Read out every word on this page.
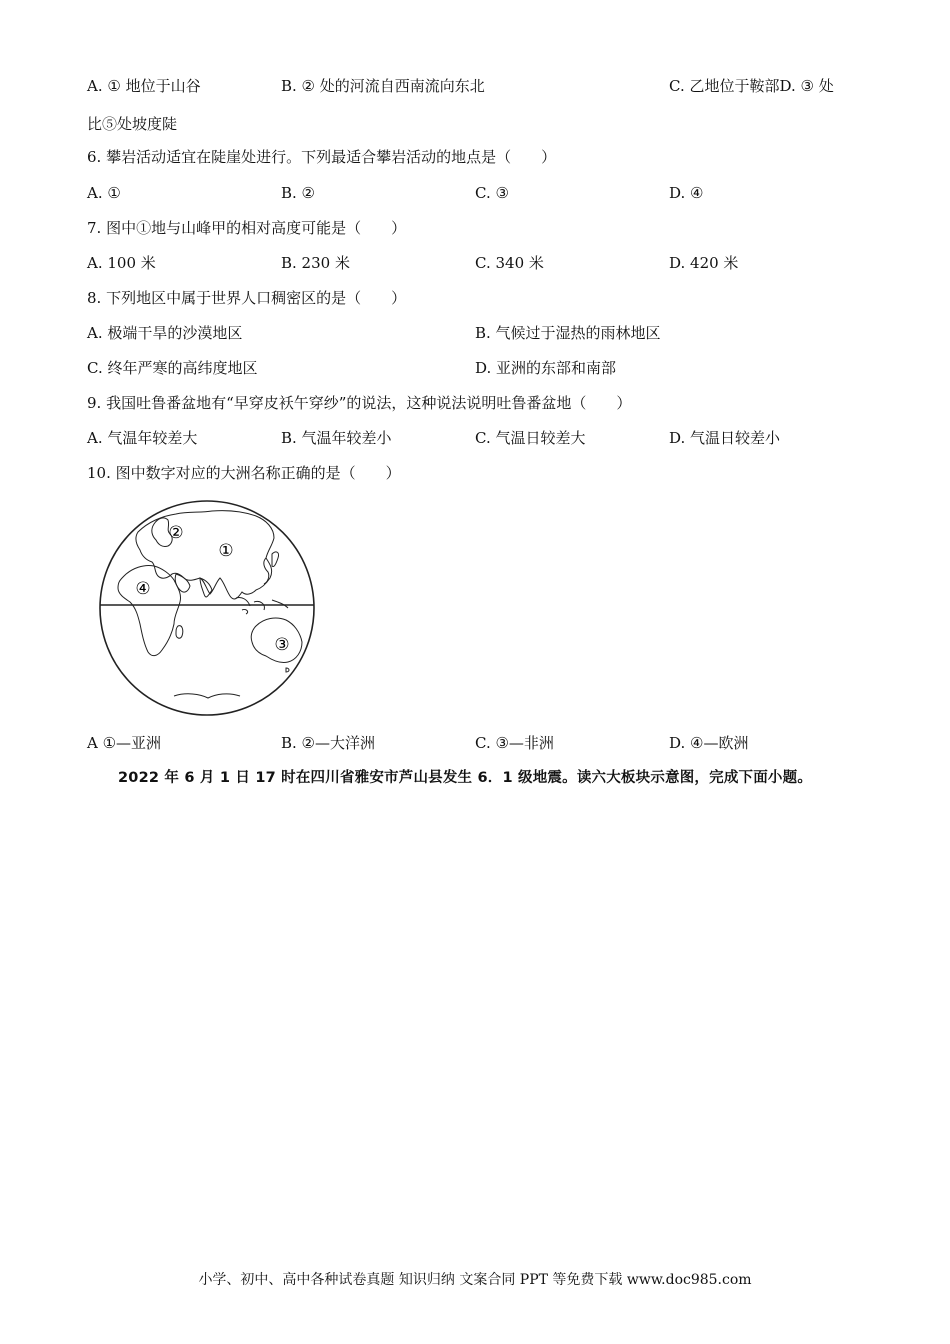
A. ① 地位于山谷	B. ② 处的河流自西南流向东北	C. 乙地位于鞍部D. ③ 处
比⑤处坡度陡
6. 攀岩活动适宜在陡崖处进行。下列最适合攀岩活动的地点是（　　）
A. ①	B. ②	C. ③	D. ④
7. 图中①地与山峰甲的相对高度可能是（　　）
A. 100 米	B. 230 米	C. 340 米	D. 420 米
8. 下列地区中属于世界人口稠密区的是（　　）
A. 极端干旱的沙漠地区	B. 气候过于湿热的雨林地区
C. 终年严寒的高纬度地区	D. 亚洲的东部和南部
9. 我国吐鲁番盆地有“早穿皮袄午穿纱”的说法，这种说法说明吐鲁番盆地（　　）
A. 气温年较差大	B. 气温年较差小	C. 气温日较差大	D. 气温日较差小
10. 图中数字对应的大洲名称正确的是（　　）
①
②
③
④
A ①—亚洲	B. ②—大洋洲	C. ③—非洲	D. ④—欧洲
2022 年 6 月 1 日 17 时在四川省雅安市芦山县发生 6．1 级地震。读六大板块示意图，完成下面小题。
小学、初中、高中各种试卷真题 知识归纳 文案合同 PPT 等免费下载 www.doc985.com
